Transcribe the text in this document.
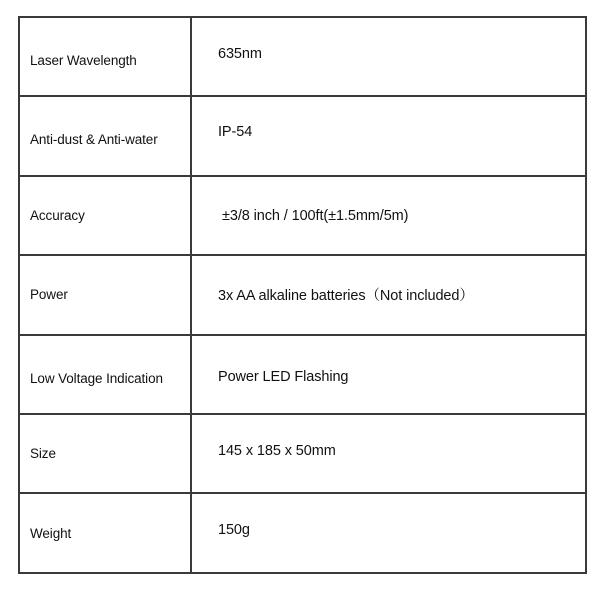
Laser Wavelength	635nm

Anti-dust & Anti-water	IP-54

Accuracy	±3/8 inch / 100ft(±1.5mm/5m)

Power	3x AA alkaline batteries（Not included）

Low Voltage Indication	Power LED Flashing

Size	145 x 185 x 50mm

Weight	150g
